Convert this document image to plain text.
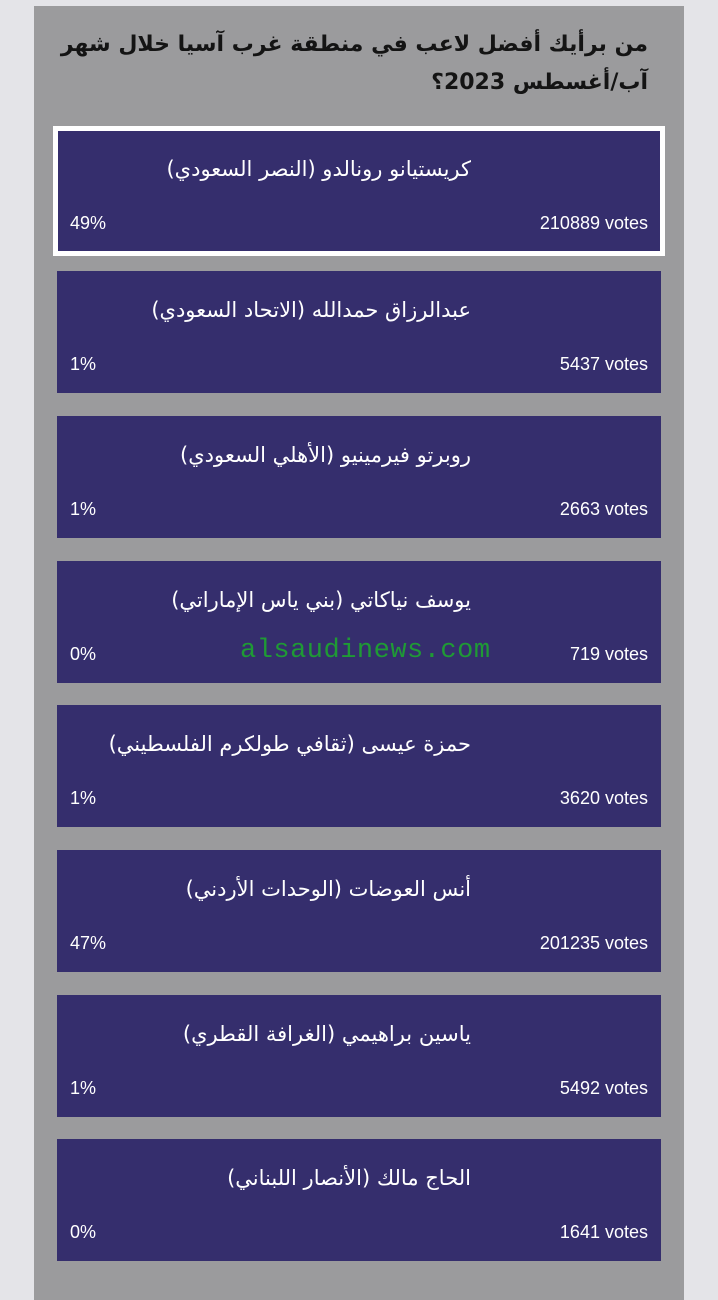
من برأيك أفضل لاعب في منطقة غرب آسيا خلال شهر آب/أغسطس 2023؟
كريستيانو رونالدو (النصر السعودي)
49%	210889 votes
عبدالرزاق حمدالله (الاتحاد السعودي)
1%	5437 votes
روبرتو فيرمينيو (الأهلي السعودي)
1%	2663 votes
يوسف نياكاتي (بني ياس الإماراتي)
0%	719 votes
حمزة عيسى (ثقافي طولكرم الفلسطيني)
1%	3620 votes
أنس العوضات (الوحدات الأردني)
47%	201235 votes
ياسين براهيمي (الغرافة القطري)
1%	5492 votes
الحاج مالك (الأنصار اللبناني)
0%	1641 votes
alsaudinews.com
